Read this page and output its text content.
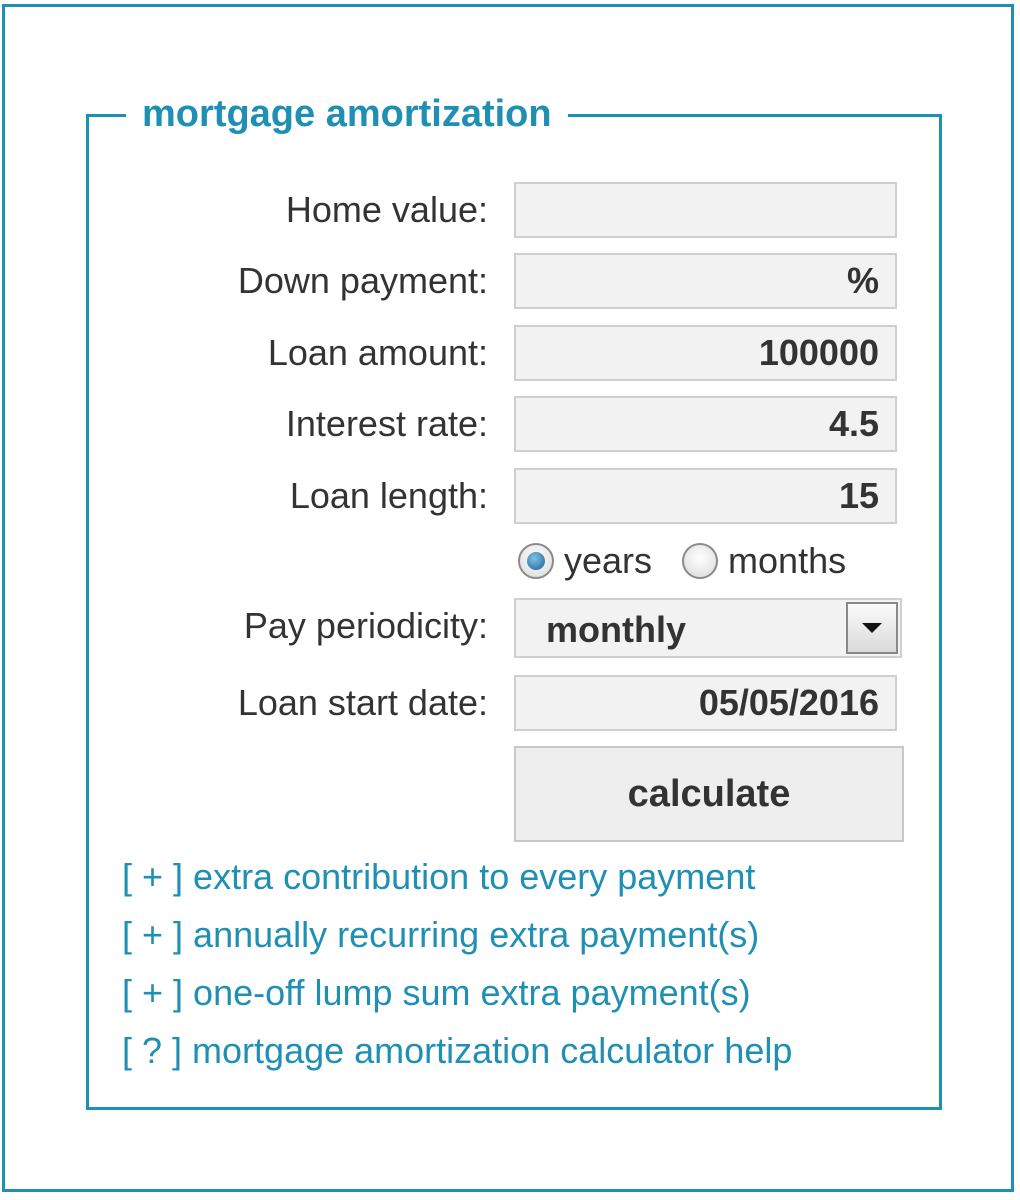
mortgage amortization
Home value:
Down payment:
%
Loan amount:
100000
Interest rate:
4.5
Loan length:
15
years months
Pay periodicity: monthly
Loan start date:
05/05/2016
calculate
[ + ] extra contribution to every payment
[ + ] annually recurring extra payment(s)
[ + ] one-off lump sum extra payment(s)
[ ? ] mortgage amortization calculator help
